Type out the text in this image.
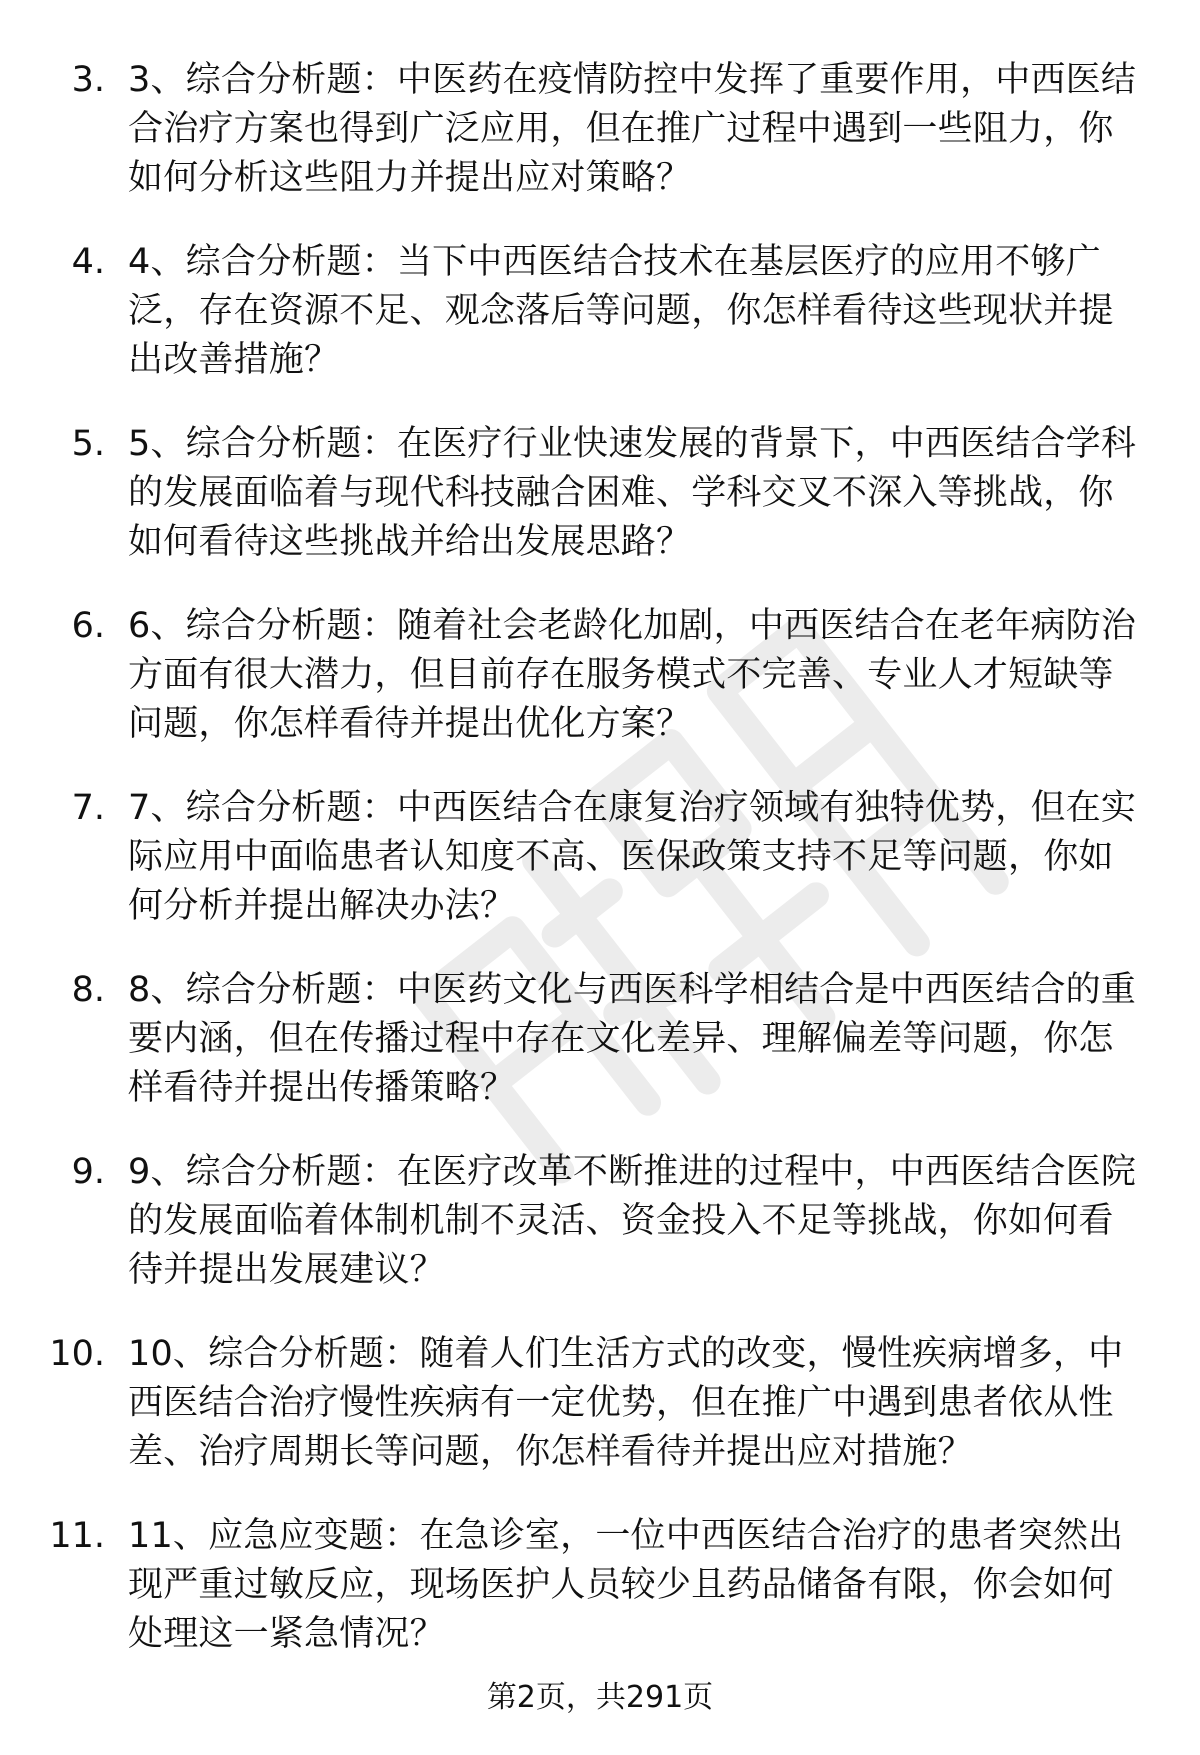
3. 3、综合分析题：中医药在疫情防控中发挥了重要作用，中西医结
合治疗方案也得到广泛应用，但在推广过程中遇到一些阻力，你
如何分析这些阻力并提出应对策略？
4. 4、综合分析题：当下中西医结合技术在基层医疗的应用不够广
泛，存在资源不足、观念落后等问题，你怎样看待这些现状并提
出改善措施？
5. 5、综合分析题：在医疗行业快速发展的背景下，中西医结合学科
的发展面临着与现代科技融合困难、学科交叉不深入等挑战，你
如何看待这些挑战并给出发展思路？
6. 6、综合分析题：随着社会老龄化加剧，中西医结合在老年病防治
方面有很大潜力，但目前存在服务模式不完善、专业人才短缺等
问题，你怎样看待并提出优化方案？
7. 7、综合分析题：中西医结合在康复治疗领域有独特优势，但在实
际应用中面临患者认知度不高、医保政策支持不足等问题，你如
何分析并提出解决办法？
8. 8、综合分析题：中医药文化与西医科学相结合是中西医结合的重
要内涵，但在传播过程中存在文化差异、理解偏差等问题，你怎
样看待并提出传播策略？
9. 9、综合分析题：在医疗改革不断推进的过程中，中西医结合医院
的发展面临着体制机制不灵活、资金投入不足等挑战，你如何看
待并提出发展建议？
10. 10、综合分析题：随着人们生活方式的改变，慢性疾病增多，中
西医结合治疗慢性疾病有一定优势，但在推广中遇到患者依从性
差、治疗周期长等问题，你怎样看待并提出应对措施？
11. 11、应急应变题：在急诊室，一位中西医结合治疗的患者突然出
现严重过敏反应，现场医护人员较少且药品储备有限，你会如何
处理这一紧急情况？
第2页，共291页
